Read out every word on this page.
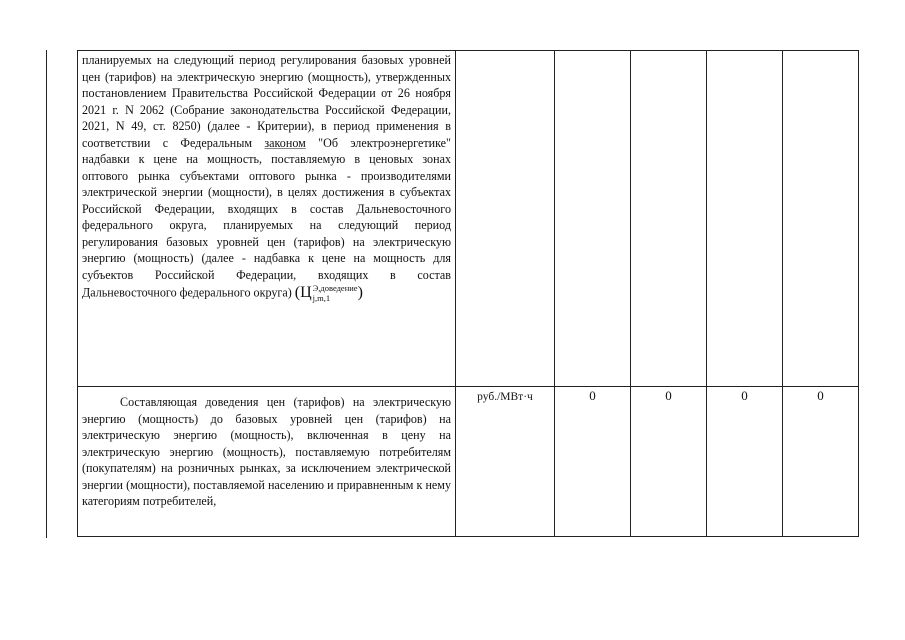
планируемых на следующий период регулирования базовых уровней цен (тарифов) на электрическую энергию (мощность), утвержденных постановлением Правительства Российской Федерации от 26 ноября 2021 г. N 2062 (Собрание законодательства Российской Федерации, 2021, N 49, ст. 8250) (далее - Критерии), в период применения в соответствии с Федеральным законом "Об электроэнергетике" надбавки к цене на мощность, поставляемую в ценовых зонах оптового рынка субъектами оптового рынка - производителями электрической энергии (мощности), в целях достижения в субъектах Российской Федерации, входящих в состав Дальневосточного федерального округа, планируемых на следующий период регулирования базовых уровней цен (тарифов) на электрическую энергию (мощность) (далее - надбавка к цене на мощность для субъектов Российской Федерации, входящих в состав Дальневосточного федерального округа) (Ц Э,доведение
j,m,1 )					

Составляющая доведения цен (тарифов) на электрическую энергию (мощность) до базовых уровней цен (тарифов) на электрическую энергию (мощность), включенная в цену на электрическую энергию (мощность), поставляемую потребителям (покупателям) на розничных рынках, за исключением электрической энергии (мощности), поставляемой населению и приравненным к нему категориям потребителей,	руб./МВт·ч	0	0	0	0
